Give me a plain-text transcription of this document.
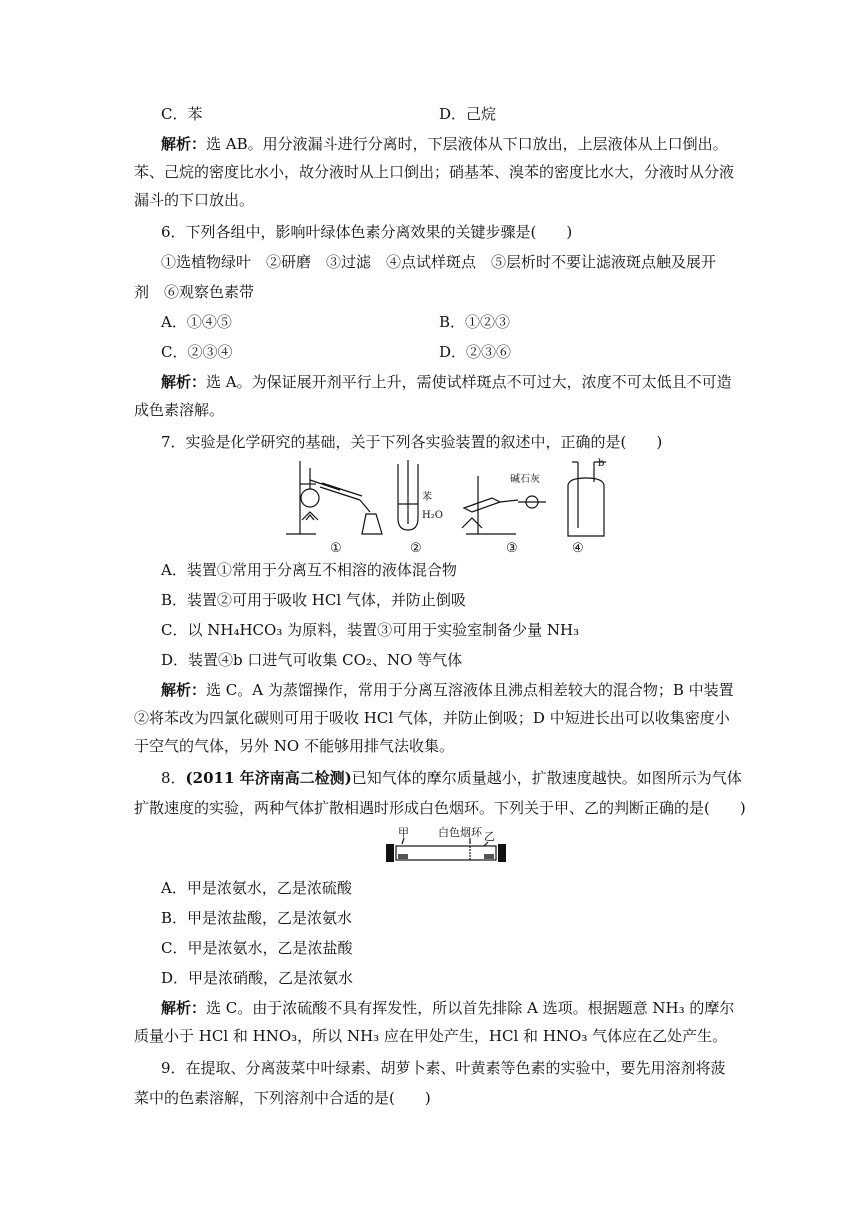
C．苯	D．己烷
解析：选 AB。用分液漏斗进行分离时，下层液体从下口放出，上层液体从上口倒出。
苯、己烷的密度比水小，故分液时从上口倒出；硝基苯、溴苯的密度比水大，分液时从分液
漏斗的下口放出。
6．下列各组中，影响叶绿体色素分离效果的关键步骤是(　　)
①选植物绿叶　②研磨　③过滤　④点试样斑点　⑤层析时不要让滤液斑点触及展开
剂　⑥观察色素带
A．①④⑤	B．①②③
C．②③④	D．②③⑥
解析：选 A。为保证展开剂平行上升，需使试样斑点不可过大，浓度不可太低且不可造
成色素溶解。
7．实验是化学研究的基础，关于下列各实验装置的叙述中，正确的是(　　)
苯
H₂O
碱石灰
b
①	②	③	④
A．装置①常用于分离互不相溶的液体混合物
B．装置②可用于吸收 HCl 气体，并防止倒吸
C．以 NH₄HCO₃ 为原料，装置③可用于实验室制备少量 NH₃
D．装置④b 口进气可收集 CO₂、NO 等气体
解析：选 C。A 为蒸馏操作，常用于分离互溶液体且沸点相差较大的混合物；B 中装置
②将苯改为四氯化碳则可用于吸收 HCl 气体，并防止倒吸；D 中短进长出可以收集密度小
于空气的气体，另外 NO 不能够用排气法收集。
8．(2011 年济南高二检测)已知气体的摩尔质量越小，扩散速度越快。如图所示为气体
扩散速度的实验，两种气体扩散相遇时形成白色烟环。下列关于甲、乙的判断正确的是(　　)
甲	白色烟环 乙
A．甲是浓氨水，乙是浓硫酸
B．甲是浓盐酸，乙是浓氨水
C．甲是浓氨水，乙是浓盐酸
D．甲是浓硝酸，乙是浓氨水
解析：选 C。由于浓硫酸不具有挥发性，所以首先排除 A 选项。根据题意 NH₃ 的摩尔
质量小于 HCl 和 HNO₃，所以 NH₃ 应在甲处产生，HCl 和 HNO₃ 气体应在乙处产生。
9．在提取、分离菠菜中叶绿素、胡萝卜素、叶黄素等色素的实验中，要先用溶剂将菠
菜中的色素溶解，下列溶剂中合适的是(　　)
